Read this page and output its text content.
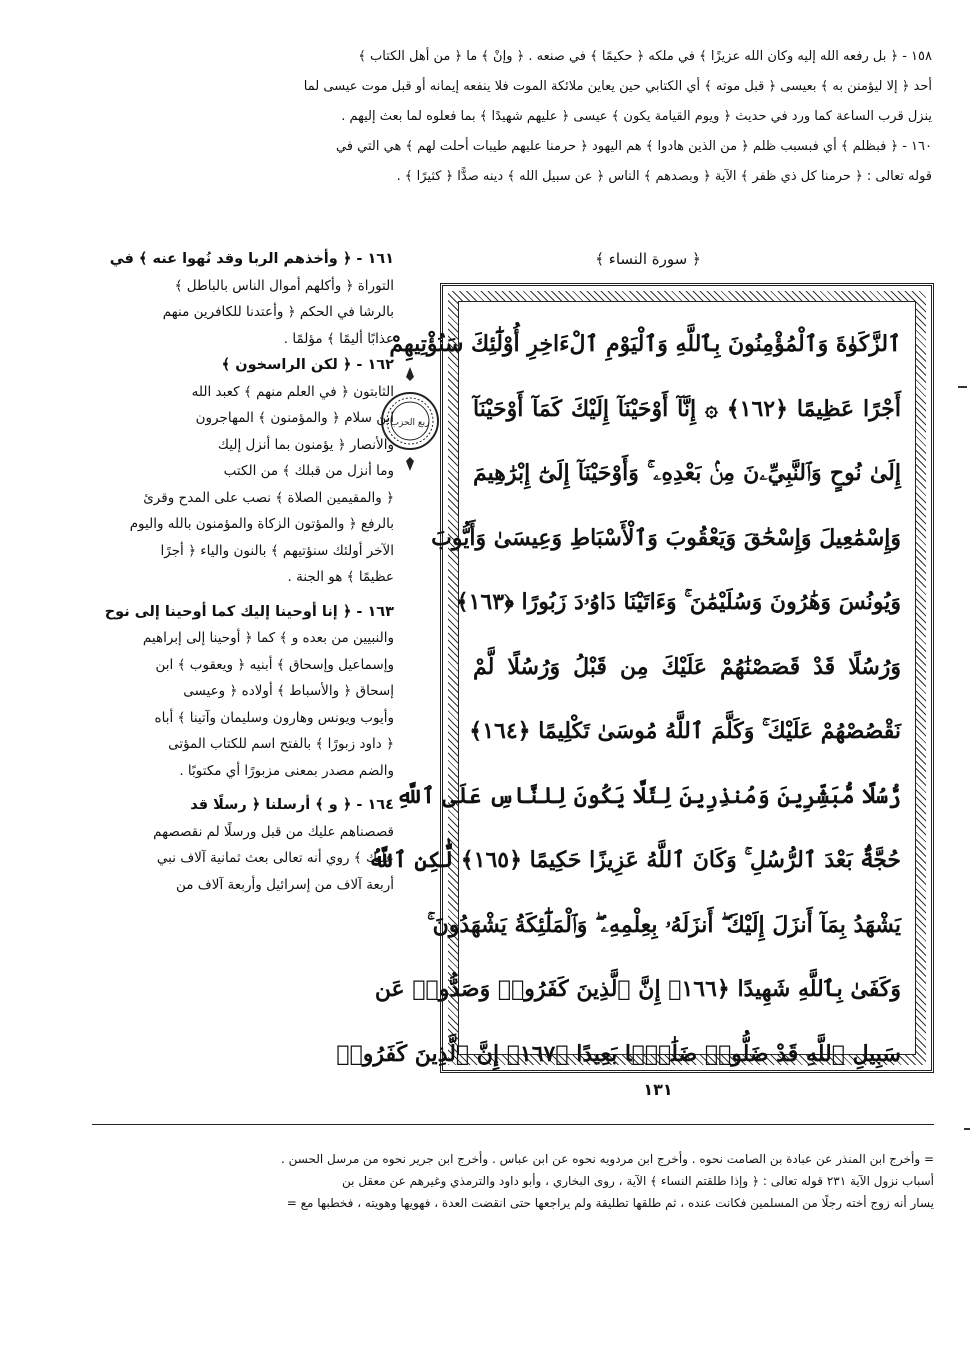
١٥٨ - ﴿ بل رفعه الله إليه وكان الله عزيزًا ﴾ في ملكه ﴿ حكيمًا ﴾ في صنعه . ﴿ وإنْ ﴾ ما ﴿ من أهل الكتاب ﴾
أحد ﴿ إلا ليؤمنن به ﴾ بعيسى ﴿ قبل موته ﴾ أي الكتابي حين يعاين ملائكة الموت فلا ينفعه إيمانه أو قبل موت عيسى لما
ينزل قرب الساعة كما ورد في حديث ﴿ ويوم القيامة يكون ﴾ عيسى ﴿ عليهم شهيدًا ﴾ بما فعلوه لما بعث إليهم .
١٦٠ - ﴿ فبظلم ﴾ أي فبسبب ظلم ﴿ من الذين هادوا ﴾ هم اليهود ﴿ حرمنا عليهم طيبات أحلت لهم ﴾ هي التي في
قوله تعالى : ﴿ حرمنا كل ذي ظفر ﴾ الآية ﴿ وبصدهم ﴾ الناس ﴿ عن سبيل الله ﴾ دينه صدًّا ﴿ كثيرًا ﴾ .
﴿ سورة النساء ﴾
ٱلزَّكَوٰةَ وَٱلْمُؤْمِنُونَ بِٱللَّهِ وَٱلْيَوْمِ ٱلْءَاخِرِ أُوْلَٰٓئِكَ سَنُؤْتِيهِمْ
أَجْرًا عَظِيمًا ﴿١٦٢﴾ ۞ إِنَّآ أَوْحَيْنَآ إِلَيْكَ كَمَآ أَوْحَيْنَآ
إِلَىٰ نُوحٍ وَٱلنَّبِيِّۦنَ مِنۢ بَعْدِهِۦ ۚ وَأَوْحَيْنَآ إِلَىٰٓ إِبْرَٰهِيمَ
وَإِسْمَٰعِيلَ وَإِسْحَٰقَ وَيَعْقُوبَ وَٱلْأَسْبَاطِ وَعِيسَىٰ وَأَيُّوبَ
وَيُونُسَ وَهَٰرُونَ وَسُلَيْمَٰنَ ۚ وَءَاتَيْنَا دَاوُۥدَ زَبُورًا ﴿١٦٣﴾
وَرُسُلًا قَدْ قَصَصْنَٰهُمْ عَلَيْكَ مِن قَبْلُ وَرُسُلًا لَّمْ
نَقْصُصْهُمْ عَلَيْكَ ۚ وَكَلَّمَ ٱللَّهُ مُوسَىٰ تَكْلِيمًا ﴿١٦٤﴾
رُّسُلًا مُّبَشِّرِينَ وَمُنذِرِينَ لِئَلَّا يَكُونَ لِلنَّاسِ عَلَى ٱللَّهِ
حُجَّةٌۢ بَعْدَ ٱلرُّسُلِ ۚ وَكَانَ ٱللَّهُ عَزِيزًا حَكِيمًا ﴿١٦٥﴾ لَّٰكِنِ ٱللَّهُ
يَشْهَدُ بِمَآ أَنزَلَ إِلَيْكَ ۖ أَنزَلَهُۥ بِعِلْمِهِۦ ۖ وَٱلْمَلَٰٓئِكَةُ يَشْهَدُونَ ۚ
وَكَفَىٰ بِٱللَّهِ شَهِيدًا ﴿١٦٦﴾ إِنَّ ٱلَّذِينَ كَفَرُوا۟ وَصَدُّوا۟ عَن
سَبِيلِ ٱللَّهِ قَدْ ضَلُّوا۟ ضَلَٰلًۢا بَعِيدًا ﴿١٦٧﴾ إِنَّ ٱلَّذِينَ كَفَرُوا۟
ربع الحزب
١٦١ - ﴿ وأخذهم الربا وقد نُهوا عنه ﴾ في
التوراة ﴿ وأكلهم أموال الناس بالباطل ﴾
بالرشا في الحكم ﴿ وأعتدنا للكافرين منهم
عذابًا أليمًا ﴾ مؤلمًا .
١٦٢ - ﴿ لكن الراسخون ﴾
الثابتون ﴿ في العلم منهم ﴾ كعبد الله
ابن سلام ﴿ والمؤمنون ﴾ المهاجرون
والأنصار ﴿ يؤمنون بما أنزل إليك
وما أنزل من قبلك ﴾ من الكتب
﴿ والمقيمين الصلاة ﴾ نصب على المدح وقرئ
بالرفع ﴿ والمؤتون الزكاة والمؤمنون بالله واليوم
الآخر أولئك سنؤتيهم ﴾ بالنون والياء ﴿ أجرًا
عظيمًا ﴾ هو الجنة .
١٦٣ - ﴿ إنا أوحينا إليك كما أوحينا إلى نوح
والنبيين من بعده و ﴾ كما ﴿ أوحينا إلى إبراهيم
وإسماعيل وإسحاق ﴾ أبنيه ﴿ ويعقوب ﴾ ابن
إسحاق ﴿ والأسباط ﴾ أولاده ﴿ وعيسى
وأيوب ويونس وهارون وسليمان وآتينا ﴾ أباه
﴿ داود زبورًا ﴾ بالفتح اسم للكتاب المؤتى
والضم مصدر بمعنى مزبورًا أي مكتوبًا .
١٦٤ - ﴿ و ﴾ أرسلنا ﴿ رسلًا قد
قصصناهم عليك من قبل ورسلًا لم نقصصهم
عليك ﴾ روي أنه تعالى بعث ثمانية آلاف نبي
أربعة آلاف من إسرائيل وأربعة آلاف من
١٣١
= وأخرج ابن المنذر عن عبادة بن الصامت نحوه . وأخرج ابن مردويه نحوه عن ابن عباس . وأخرج ابن جرير نحوه من مرسل الحسن .
أسباب نزول الآية ٢٣١ قوله تعالى : ﴿ وإذا طلقتم النساء ﴾ الآية ، روى البخاري ، وأبو داود والترمذي وغيرهم عن معقل بن
يسار أنه زوج أخته رجلًا من المسلمين فكانت عنده ، ثم طلقها تطليقة ولم يراجعها حتى انقضت العدة ، فهويها وهويته ، فخطبها مع =
